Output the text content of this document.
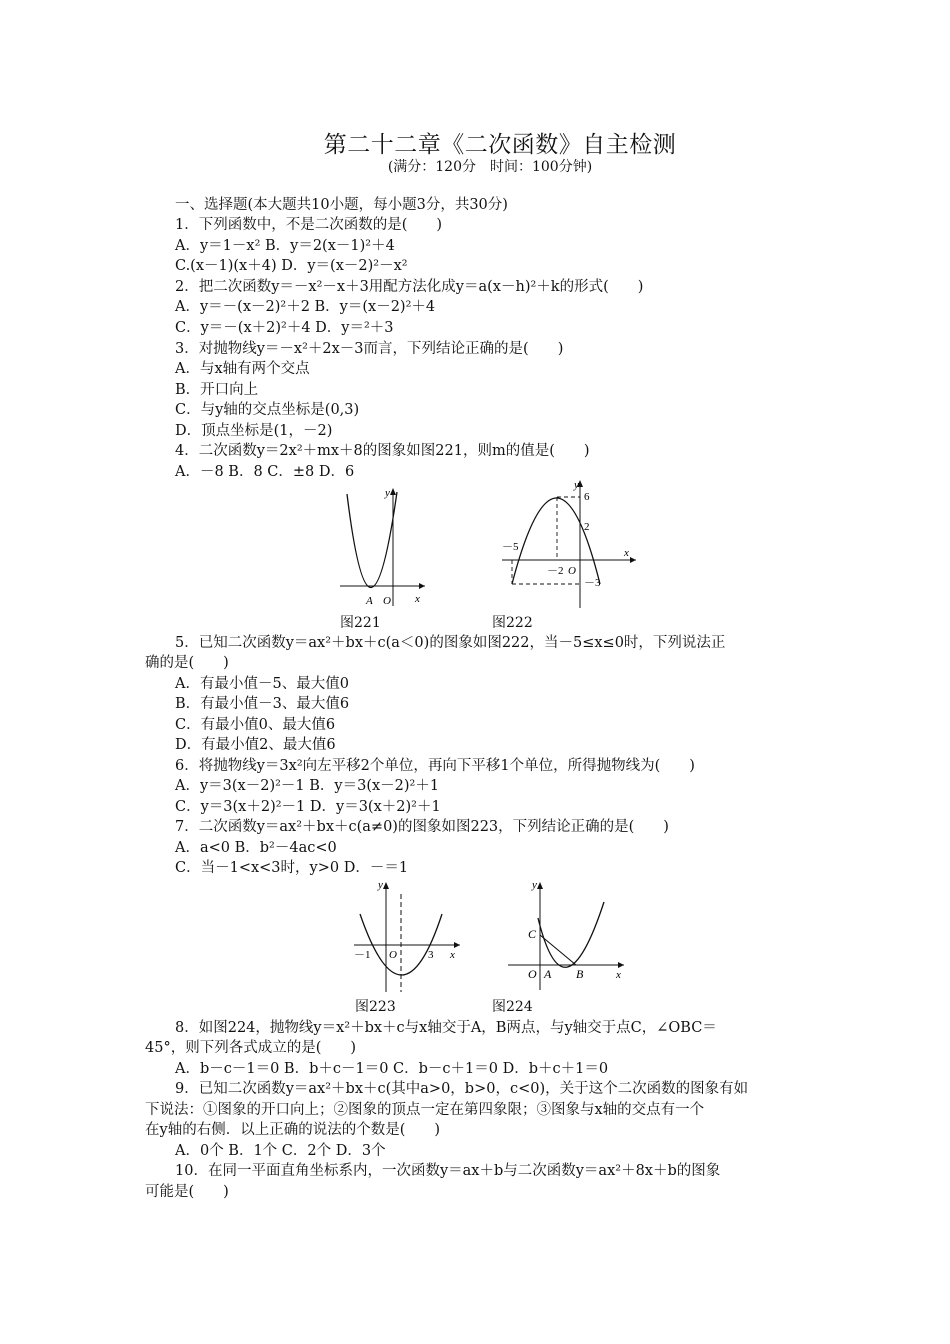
第二十二章《二次函数》自主检测
(满分：120分　时间：100分钟)
一、选择题(本大题共10小题，每小题3分，共30分)
1．下列函数中，不是二次函数的是(　　)
A．y＝1－x² B．y＝2(x－1)²＋4
C.(x－1)(x＋4) D．y＝(x－2)²－x²
2．把二次函数y＝－x²－x＋3用配方法化成y＝a(x－h)²＋k的形式(　　)
A．y＝－(x－2)²＋2 B．y＝(x－2)²＋4
C．y＝－(x＋2)²＋4 D．y＝²＋3
3．对抛物线y＝－x²＋2x－3而言，下列结论正确的是(　　)
A．与x轴有两个交点
B．开口向上
C．与y轴的交点坐标是(0,3)
D．顶点坐标是(1，－2)
4．二次函数y＝2x²＋mx＋8的图象如图221，则m的值是(　　)
A．－8 B．8 C．±8 D．6
y
x
A O
图221
y
x
－5
6
2
－2 O
－3
图222
5．已知二次函数y＝ax²＋bx＋c(a＜0)的图象如图222，当－5≤x≤0时，下列说法正
确的是(　　)
A．有最小值－5、最大值0
B．有最小值－3、最大值6
C．有最小值0、最大值6
D．有最小值2、最大值6
6．将抛物线y＝3x²向左平移2个单位，再向下平移1个单位，所得抛物线为(　　)
A．y＝3(x－2)²－1 B．y＝3(x－2)²＋1
C．y＝3(x＋2)²－1 D．y＝3(x＋2)²＋1
7．二次函数y＝ax²＋bx＋c(a≠0)的图象如图223，下列结论正确的是(　　)
A．a<0 B．b²－4ac<0
C．当－1<x<3时，y>0 D．－＝1
y
x
－1 O	3
图223
y
x
C
O A B
图224
8．如图224，抛物线y＝x²＋bx＋c与x轴交于A，B两点，与y轴交于点C，∠OBC＝
45°，则下列各式成立的是(　　)
A．b－c－1＝0 B．b＋c－1＝0 C．b－c＋1＝0 D．b＋c＋1＝0
9．已知二次函数y＝ax²＋bx＋c(其中a>0，b>0，c<0)，关于这个二次函数的图象有如
下说法：①图象的开口向上；②图象的顶点一定在第四象限；③图象与x轴的交点有一个
在y轴的右侧．以上正确的说法的个数是(　　)
A．0个 B．1个 C．2个 D．3个
10．在同一平面直角坐标系内，一次函数y＝ax＋b与二次函数y＝ax²＋8x＋b的图象
可能是(　　)
